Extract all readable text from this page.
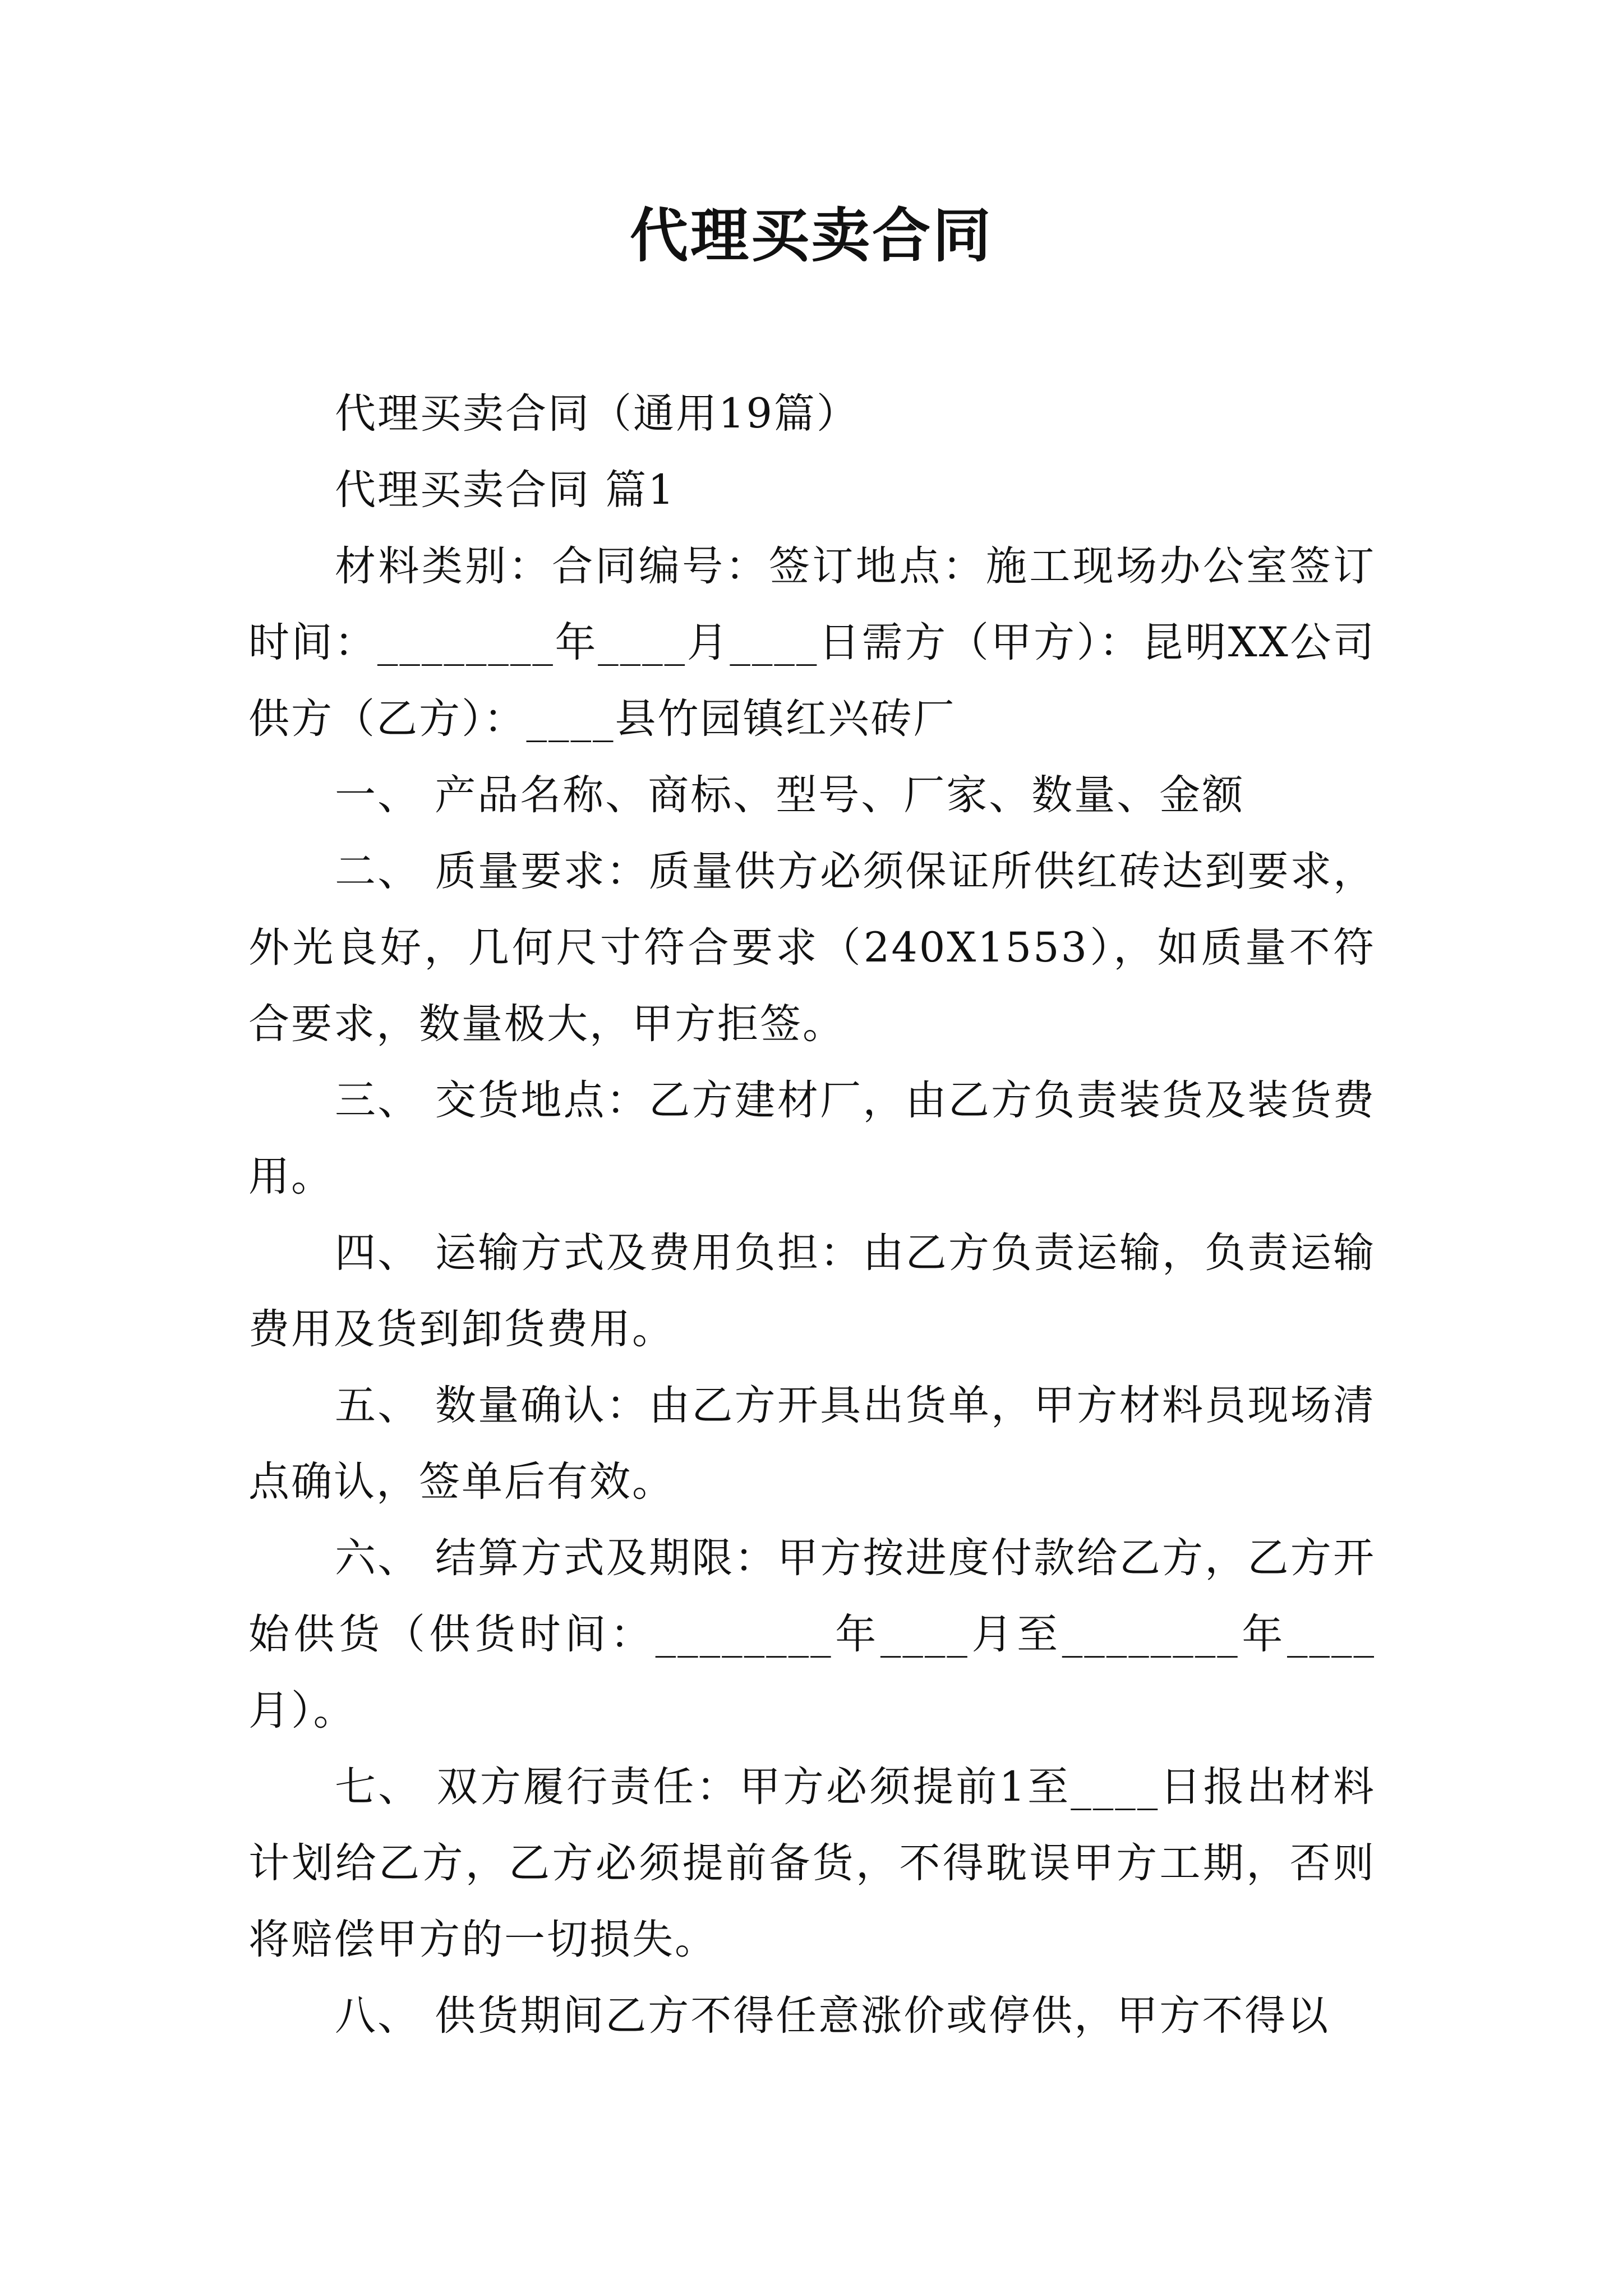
代理买卖合同

代理买卖合同（通用19篇）

代理买卖合同 篇1

材料类别：合同编号：签订地点：施工现场办公室签订时间：________年____月____日需方（甲方）：昆明XX公司供方（乙方）：____县竹园镇红兴砖厂

一、 产品名称、商标、型号、厂家、数量、金额

二、 质量要求：质量供方必须保证所供红砖达到要求，外光良好，几何尺寸符合要求（240X1553），如质量不符合要求，数量极大，甲方拒签。

三、 交货地点：乙方建材厂，由乙方负责装货及装货费用。

四、 运输方式及费用负担：由乙方负责运输，负责运输费用及货到卸货费用。

五、 数量确认：由乙方开具出货单，甲方材料员现场清点确认，签单后有效。

六、 结算方式及期限：甲方按进度付款给乙方，乙方开始供货（供货时间：________年____月至________年____月）。

七、 双方履行责任：甲方必须提前1至____日报出材料计划给乙方，乙方必须提前备货，不得耽误甲方工期，否则将赔偿甲方的一切损失。

八、 供货期间乙方不得任意涨价或停供，甲方不得以
